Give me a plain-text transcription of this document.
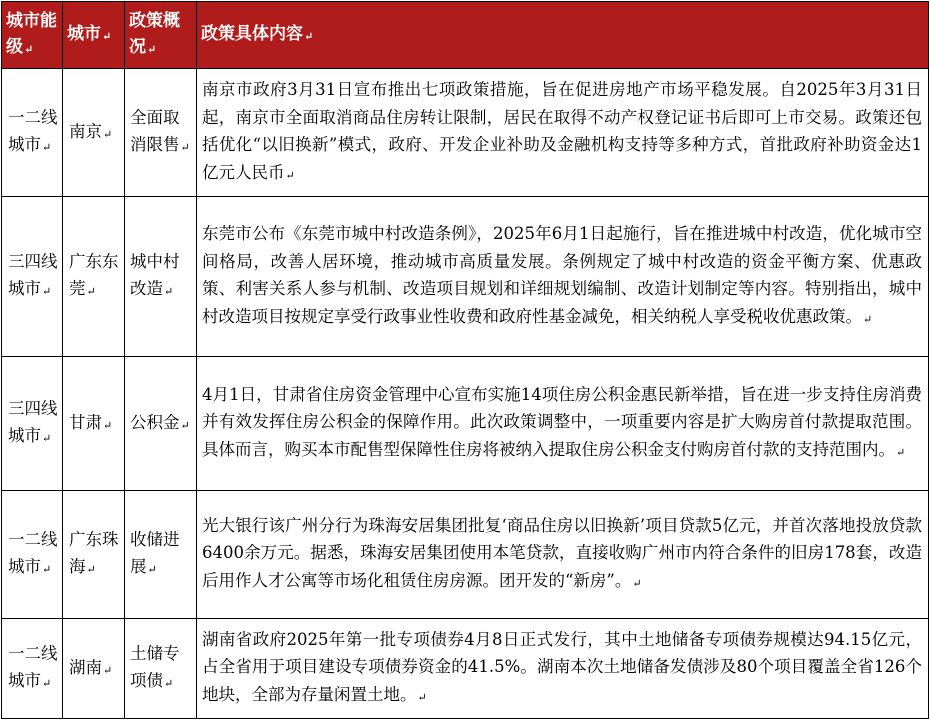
城市能级↵	城市↵	政策概况↵	政策具体内容↵
一二线城市↵	南京↵	全面取消限售↵	南京市政府3月31日宣布推出七项政策措施，旨在促进房地产市场平稳发展。自2025年3月31日起，南京市全面取消商品住房转让限制，居民在取得不动产权登记证书后即可上市交易。政策还包括优化“以旧换新”模式，政府、开发企业补助及金融机构支持等多种方式，首批政府补助资金达1亿元人民币↵
三四线城市↵	广东东莞↵	城中村改造↵	东莞市公布《东莞市城中村改造条例》，2025年6月1日起施行，旨在推进城中村改造，优化城市空间格局，改善人居环境，推动城市高质量发展。条例规定了城中村改造的资金平衡方案、优惠政策、利害关系人参与机制、改造项目规划和详细规划编制、改造计划制定等内容。特别指出，城中村改造项目按规定享受行政事业性收费和政府性基金减免，相关纳税人享受税收优惠政策。↵
三四线城市↵	甘肃↵	公积金↵	4月1日，甘肃省住房资金管理中心宣布实施14项住房公积金惠民新举措，旨在进一步支持住房消费并有效发挥住房公积金的保障作用。此次政策调整中，一项重要内容是扩大购房首付款提取范围。具体而言，购买本市配售型保障性住房将被纳入提取住房公积金支付购房首付款的支持范围内。↵
一二线城市↵	广东珠海↵	收储进展↵	光大银行该广州分行为珠海安居集团批复‘商品住房以旧换新’项目贷款5亿元，并首次落地投放贷款6400余万元。据悉，珠海安居集团使用本笔贷款，直接收购广州市内符合条件的旧房178套，改造后用作人才公寓等市场化租赁住房房源。团开发的“新房”。↵
一二线城市↵	湖南↵	土储专项债↵	湖南省政府2025年第一批专项债券4月8日正式发行，其中土地储备专项债券规模达94.15亿元，占全省用于项目建设专项债券资金的41.5%。湖南本次土地储备发债涉及80个项目覆盖全省126个地块，全部为存量闲置土地。↵
